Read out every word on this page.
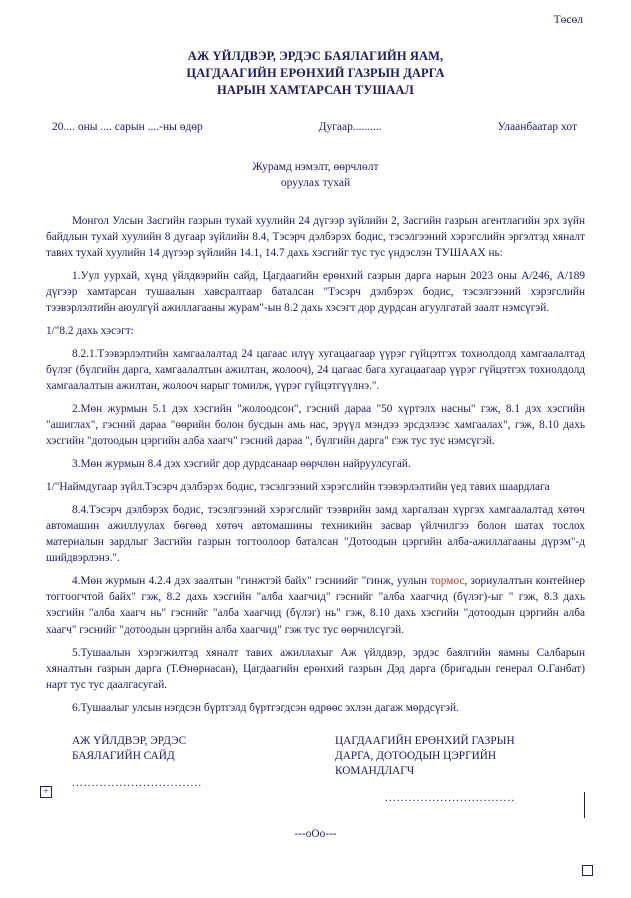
Төсөл
АЖ ҮЙЛДВЭР, ЭРДЭС БАЯЛАГИЙН ЯАМ,
ЦАГДААГИЙН ЕРӨНХИЙ ГАЗРЫН ДАРГА
НАРЫН ХАМТАРСАН ТУШААЛ
20.... оны .... сарын ....-ны өдөр	Дугаар..........	Улаанбаатар хот
Журамд нэмэлт, өөрчлөлт
оруулах тухай

Монгол Улсын Засгийн газрын тухай хуулийн 24 дүгээр зүйлийн 2, Засгийн газрын агентлагийн эрх зүйн байдлын тухай хуулийн 8 дугаар зүйлийн 8.4, Тэсэрч дэлбэрэх бодис, тэсэлгээний хэрэгслийн эргэлтэд хяналт тавих тухай хуулийн 14 дүгээр зүйлийн 14.1, 14.7 дахь хэсгийг тус тус үндэслэн ТУШААХ нь:

1.Уул уурхай, хүнд үйлдвэрийн сайд, Цагдаагийн ерөнхий газрын дарга нарын 2023 оны А/246, А/189 дүгээр хамтарсан тушаалын хавсралтаар баталсан "Тэсэрч дэлбэрэх бодис, тэсэлгээний хэрэгслийн тээвэрлэлтийн аюулгүй ажиллагааны журам"-ын 8.2 дахь хэсэгт дор дурдсан агуулгатай заалт нэмсүгэй.

1/"8.2 дахь хэсэгт:

8.2.1.Тээвэрлэлтийн хамгаалалтад 24 цагаас илүү хугацаагаар үүрэг гүйцэтгэх тохиолдолд хамгаалалтад бүлэг (бүлгийн дарга, хамгаалалтын ажилтан, жолооч), 24 цагаас бага хугацаагаар үүрэг гүйцэтгэх тохиолдолд хамгаалалтын ажилтан, жолооч нарыг томилж, үүрэг гүйцэтгүүлнэ.".

2.Мөн журмын 5.1 дэх хэсгийн "жолоодсон", гэсний дараа "50 хүртэлх насны" гэж, 8.1 дэх хэсгийн "ашиглах", гэсний дараа "өөрийн болон бусдын амь нас, эрүүл мэндээ эрсдэлээс хамгаалах", гэж, 8.10 дахь хэсгийн "дотоодын цэргийн алба хаагч" гэсний дараа ", бүлгийн дарга" гэж тус тус нэмсүгэй.

3.Мөн журмын 8.4 дэх хэсгийг дор дурдсанаар өөрчлөн найруулсугай.

1/"Наймдугаар зүйл.Тэсэрч дэлбэрэх бодис, тэсэлгээний хэрэгслийн тээвэрлэлтийн үед тавих шаардлага

8.4.Тэсэрч дэлбэрэх бодис, тэсэлгээний хэрэгслийг тээврийн замд харгалзан хүргэх хамгаалалтад хөтөч автомашин ажиллуулах бөгөөд хөтөч автомашины техникийн засвар үйлчилгээ болон шатах тослох материалын зардлыг Засгийн газрын тогтоолоор баталсан "Дотоодын цэргийн алба-ажиллагааны дүрэм"-д шийдвэрлэнэ.".

4.Мөн журмын 4.2.4 дэх заалтын "гинжтэй байх" гэсниийг "гинж, уулын тормос, зориулалтын контейнер тоггоогчтой байх" гэж, 8.2 дахь хэсгийн "алба хаагчид" гэснийг "алба хаагчид (бүлэг)-ыг " гэж, 8.3 дахь хэсгийн "алба хаагч нь" гэснийг "алба хаагчид (бүлэг) нь" гэж, 8.10 дахь хэсгийн "дотоодын цэргийн алба хаагч" гэснийг "дотоодын цэргийн алба хаагчид" гэж тус тус өөрчилсүгэй.

5.Тушаалын хэрэгжилтэд хяналт тавих ажиллахыг Аж үйлдвэр, эрдэс баялгийн яамны Салбарын хяналтын газрын дарга (Т.Өнөрнасан), Цагдаагийн ерөнхий газрын Дэд дарга (бригадын генерал О.Ганбат) нарт тус тус даалгасугай.

6.Тушаалыг улсын нэгдсэн бүртгэлд бүртгэгдсэн өдрөөс эхлэн дагаж мөрдсүгэй.

АЖ ҮЙЛДВЭР, ЭРДЭС
БАЯЛАГИЙН САЙД
.................................
ЦАГДААГИЙН ЕРӨНХИЙ ГАЗРЫН
ДАРГА, ДОТООДЫН ЦЭРГИЙН
КОМАНДЛАГЧ
.................................
---oOo---
+
